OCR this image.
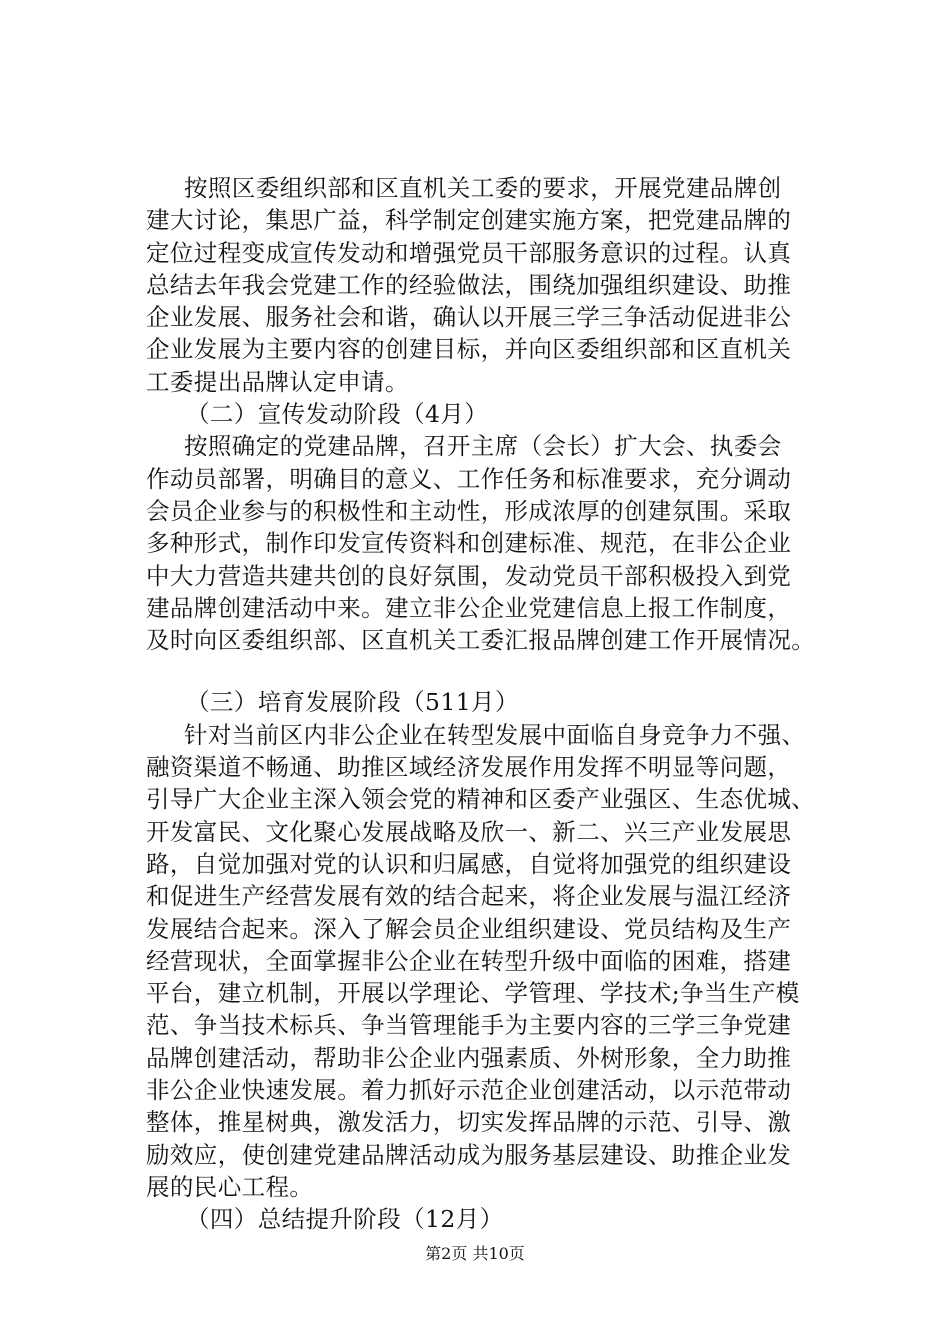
按照区委组织部和区直机关工委的要求，开展党建品牌创
建大讨论，集思广益，科学制定创建实施方案，把党建品牌的
定位过程变成宣传发动和增强党员干部服务意识的过程。认真
总结去年我会党建工作的经验做法，围绕加强组织建设、助推
企业发展、服务社会和谐，确认以开展三学三争活动促进非公
企业发展为主要内容的创建目标，并向区委组织部和区直机关
工委提出品牌认定申请。
（二）宣传发动阶段（4月）
按照确定的党建品牌，召开主席（会长）扩大会、执委会
作动员部署，明确目的意义、工作任务和标准要求，充分调动
会员企业参与的积极性和主动性，形成浓厚的创建氛围。采取
多种形式，制作印发宣传资料和创建标准、规范，在非公企业
中大力营造共建共创的良好氛围，发动党员干部积极投入到党
建品牌创建活动中来。建立非公企业党建信息上报工作制度，
及时向区委组织部、区直机关工委汇报品牌创建工作开展情况。
（三）培育发展阶段（511月）
针对当前区内非公企业在转型发展中面临自身竞争力不强、
融资渠道不畅通、助推区域经济发展作用发挥不明显等问题，
引导广大企业主深入领会党的精神和区委产业强区、生态优城、
开发富民、文化聚心发展战略及欣一、新二、兴三产业发展思
路，自觉加强对党的认识和归属感，自觉将加强党的组织建设
和促进生产经营发展有效的结合起来，将企业发展与温江经济
发展结合起来。深入了解会员企业组织建设、党员结构及生产
经营现状，全面掌握非公企业在转型升级中面临的困难，搭建
平台，建立机制，开展以学理论、学管理、学技术;争当生产模
范、争当技术标兵、争当管理能手为主要内容的三学三争党建
品牌创建活动，帮助非公企业内强素质、外树形象，全力助推
非公企业快速发展。着力抓好示范企业创建活动，以示范带动
整体，推星树典，激发活力，切实发挥品牌的示范、引导、激
励效应，使创建党建品牌活动成为服务基层建设、助推企业发
展的民心工程。
（四）总结提升阶段（12月）
第2页 共10页
